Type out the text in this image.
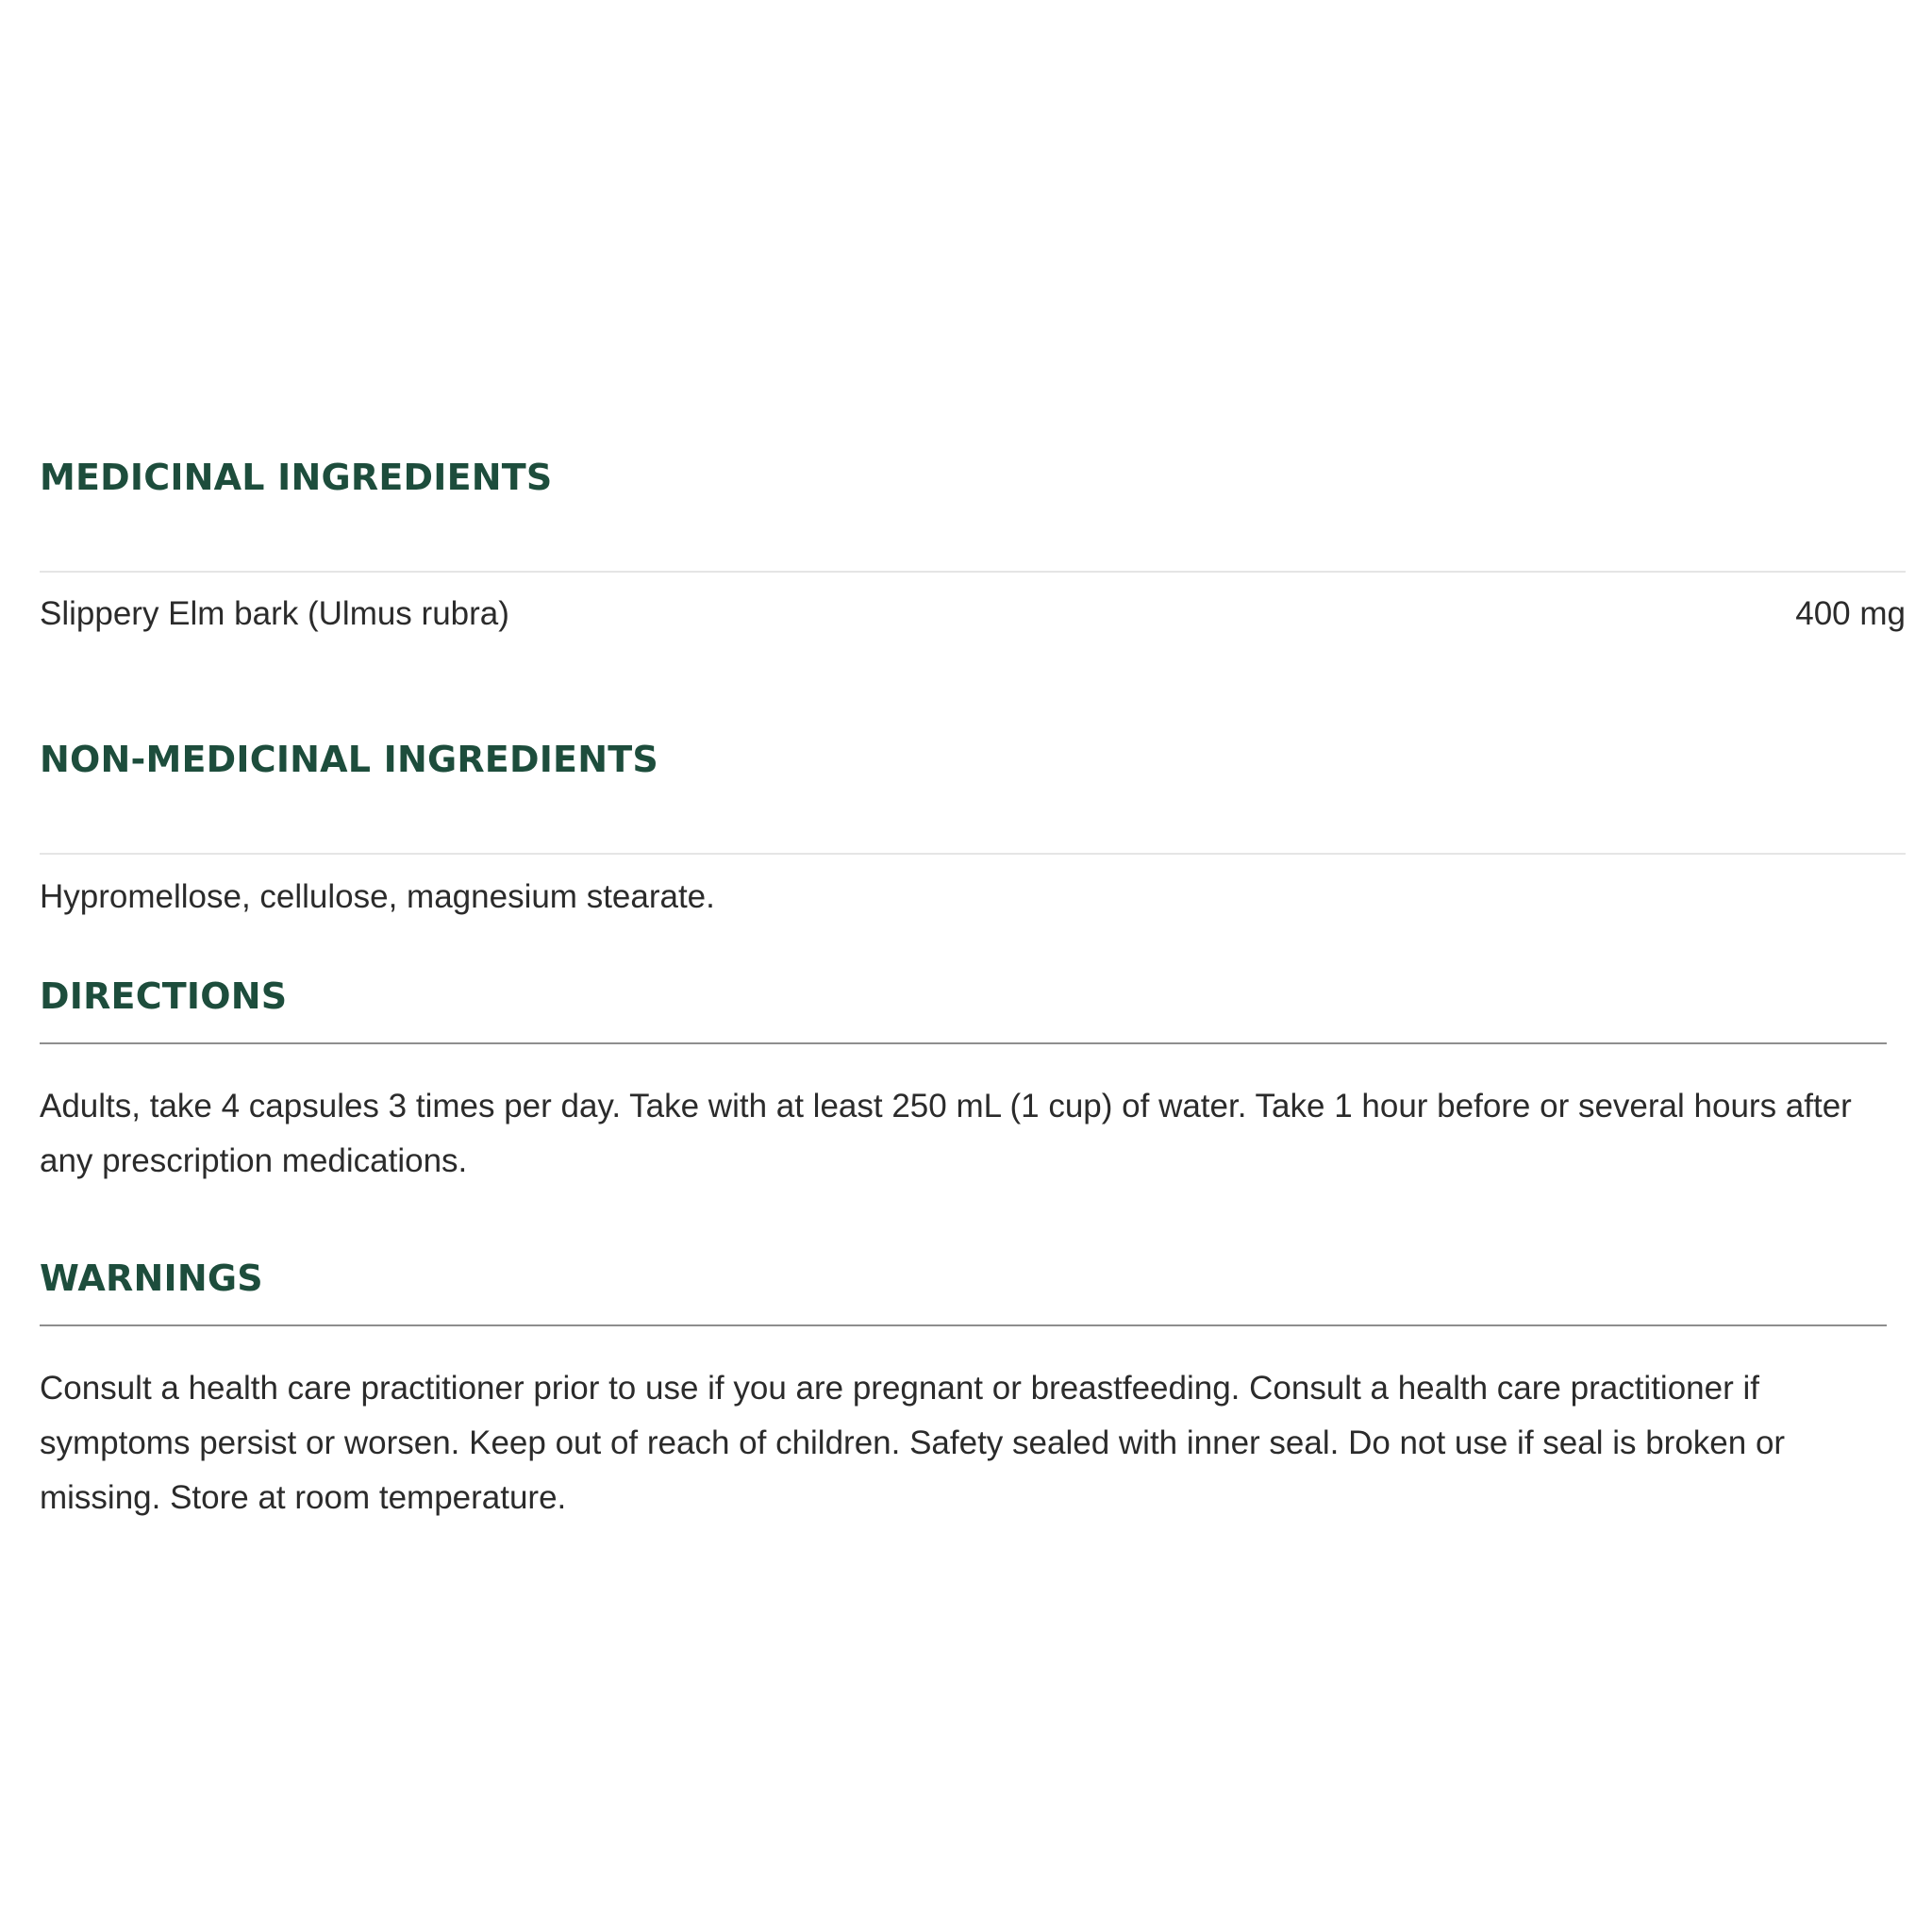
MEDICINAL INGREDIENTS
Slippery Elm bark (Ulmus rubra)	400 mg
NON-MEDICINAL INGREDIENTS

Hypromellose, cellulose, magnesium stearate.

DIRECTIONS

Adults, take 4 capsules 3 times per day. Take with at least 250 mL (1 cup) of water. Take 1 hour before or several hours after any prescription medications.

WARNINGS

Consult a health care practitioner prior to use if you are pregnant or breastfeeding. Consult a health care practitioner if symptoms persist or worsen. Keep out of reach of children. Safety sealed with inner seal. Do not use if seal is broken or missing. Store at room temperature.
